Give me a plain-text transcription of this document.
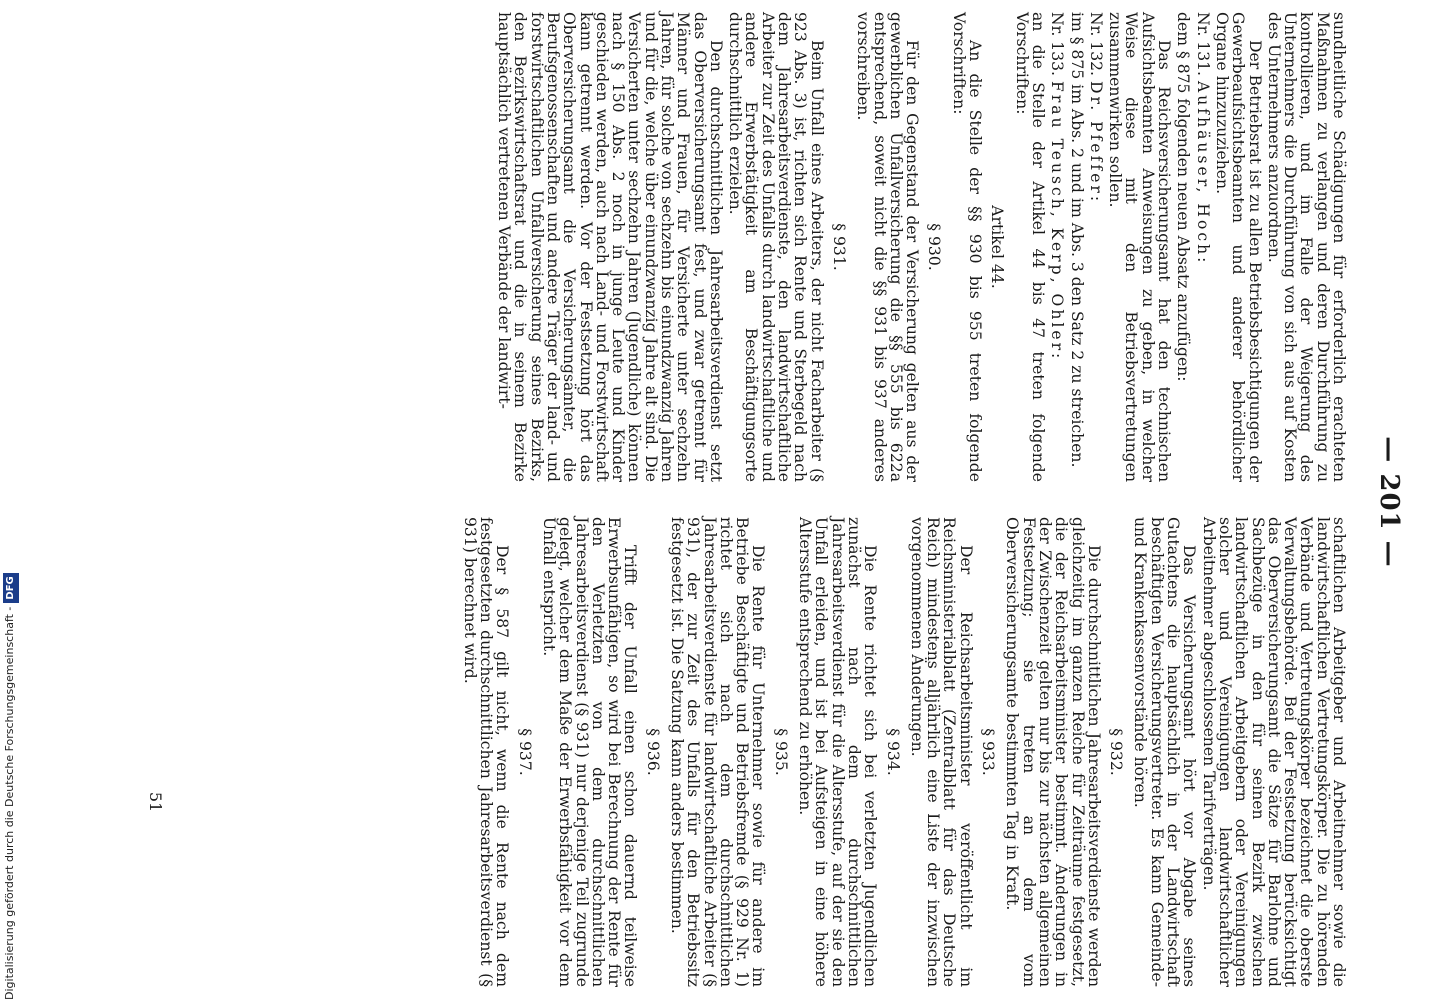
— 201 —

sundheitliche Schädigungen für erforderlich erachteten Maßnahmen zu verlangen und deren Durchführung zu kontrollieren, und im Falle der Weigerung des Unternehmers die Durchführung von sich aus auf Kosten des Unternehmers anzuordnen.

Der Betriebsrat ist zu allen Betriebsbesichtigungen der Gewerbeaufsichtsbeamten und anderer behördlicher Organe hinzuzuziehen.

Nr. 131. Aufhäuser, Hoch:

dem § 875 folgenden neuen Absatz anzufügen:

Das Reichsversicherungsamt hat den technischen Aufsichtsbeamten Anweisungen zu geben, in welcher Weise diese mit den Betriebsvertretungen zusammenwirken sollen.

Nr. 132. Dr. Pfeffer:

im § 875 im Abs. 2 und im Abs. 3 den Satz 2 zu streichen.

Nr. 133. Frau Teusch, Kerp, Ohler:

an die Stelle der Artikel 44 bis 47 treten folgende Vorschriften:

Artikel 44.

An die Stelle der §§ 930 bis 955 treten folgende Vorschriften:

§ 930.

Für den Gegenstand der Versicherung gelten aus der gewerblichen Unfallversicherung die §§ 555 bis 622a entsprechend, soweit nicht die §§ 931 bis 937 anderes vorschreiben.

§ 931.

Beim Unfall eines Arbeiters, der nicht Facharbeiter (§ 923 Abs. 3) ist, richten sich Rente und Sterbegeld nach dem Jahresarbeitsverdienste, den landwirtschaftliche Arbeiter zur Zeit des Unfalls durch landwirtschaftliche und andere Erwerbstätigkeit am Beschäftigungsorte durchschnittlich erzielen.

Den durchschnittlichen Jahresarbeitsverdienst setzt das Oberversicherungsamt fest, und zwar getrennt für Männer und Frauen, für Versicherte unter sechzehn Jahren, für solche von sechzehn bis einundzwanzig Jahren und für die, welche über einundzwanzig Jahre alt sind. Die Versicherten unter sechzehn Jahren (Jugendliche) können nach § 150 Abs. 2 noch in junge Leute und Kinder geschieden werden, auch nach Land- und Forstwirtschaft kann getrennt werden. Vor der Festsetzung hört das Oberversicherungsamt die Versicherungsämter, die Berufsgenossenschaften und andere Träger der land- und forstwirtschaftlichen Unfallversicherung seines Bezirks, den Bezirkswirtschaftsrat und die in seinem Bezirke hauptsächlich vertretenen Verbände der landwirt-

schaftlichen Arbeitgeber und Arbeitnehmer sowie die landwirtschaftlichen Vertretungskörper. Die zu hörenden Verbände und Vertretungskörper bezeichnet die oberste Verwaltungsbehörde. Bei der Festsetzung berücksichtigt das Oberversicherungsamt die Sätze für Barlohne und Sachbezüge in den für seinen Bezirk zwischen landwirtschaftlichen Arbeitgebern oder Vereinigungen solcher und Vereinigungen landwirtschaftlicher Arbeitnehmer abgeschlossenen Tarifverträgen.

Das Versicherungsamt hört vor Abgabe seines Gutachtens die hauptsächlich in der Landwirtschaft beschäftigten Versicherungsvertreter. Es kann Gemeinde- und Krankenkassenvorstände hören.

§ 932.

Die durchschnittlichen Jahresarbeitsverdienste werden gleichzeitig im ganzen Reiche für Zeiträume festgesetzt, die der Reichsarbeitsminister bestimmt. Änderungen in der Zwischenzeit gelten nur bis zur nächsten allgemeinen Festsetzung; sie treten an dem vom Oberversicherungsamte bestimmten Tag in Kraft.

§ 933.

Der Reichsarbeitsminister veröffentlicht im Reichsministerialblatt (Zentralblatt für das Deutsche Reich) mindestens alljährlich eine Liste der inzwischen vorgenommenen Änderungen.

§ 934.

Die Rente richtet sich bei verletzten Jugendlichen zunächst nach dem durchschnittlichen Jahresarbeitsverdienst für die Altersstufe, auf der sie den Unfall erleiden, und ist bei Aufsteigen in eine höhere Altersstufe entsprechend zu erhöhen.

§ 935.

Die Rente für Unternehmer sowie für andere im Betriebe Beschäftigte und Betriebsfremde (§ 929 Nr. 1) richtet sich nach dem durchschnittlichen Jahresarbeitsverdienste für landwirtschaftliche Arbeiter (§ 931), der zur Zeit des Unfalls für den Betriebssitz festgesetzt ist. Die Satzung kann anders bestimmen.

§ 936.

Trifft der Unfall einen schon dauernd teilweise Erwerbsunfähigen, so wird bei Berechnung der Rente für den Verletzten von dem durchschnittlichen Jahresarbeitsverdienst (§ 931) nur derjenige Teil zugrunde gelegt, welcher dem Maße der Erwerbsfähigkeit vor dem Unfall entspricht.

§ 937.

Der § 587 gilt nicht, wenn die Rente nach dem festgesetzten durchschnittlichen Jahresarbeitsverdienst (§ 931) berechnet wird.

51
Digitalisierung gefördert durch die Deutsche Forschungsgemeinschaft -DFG
